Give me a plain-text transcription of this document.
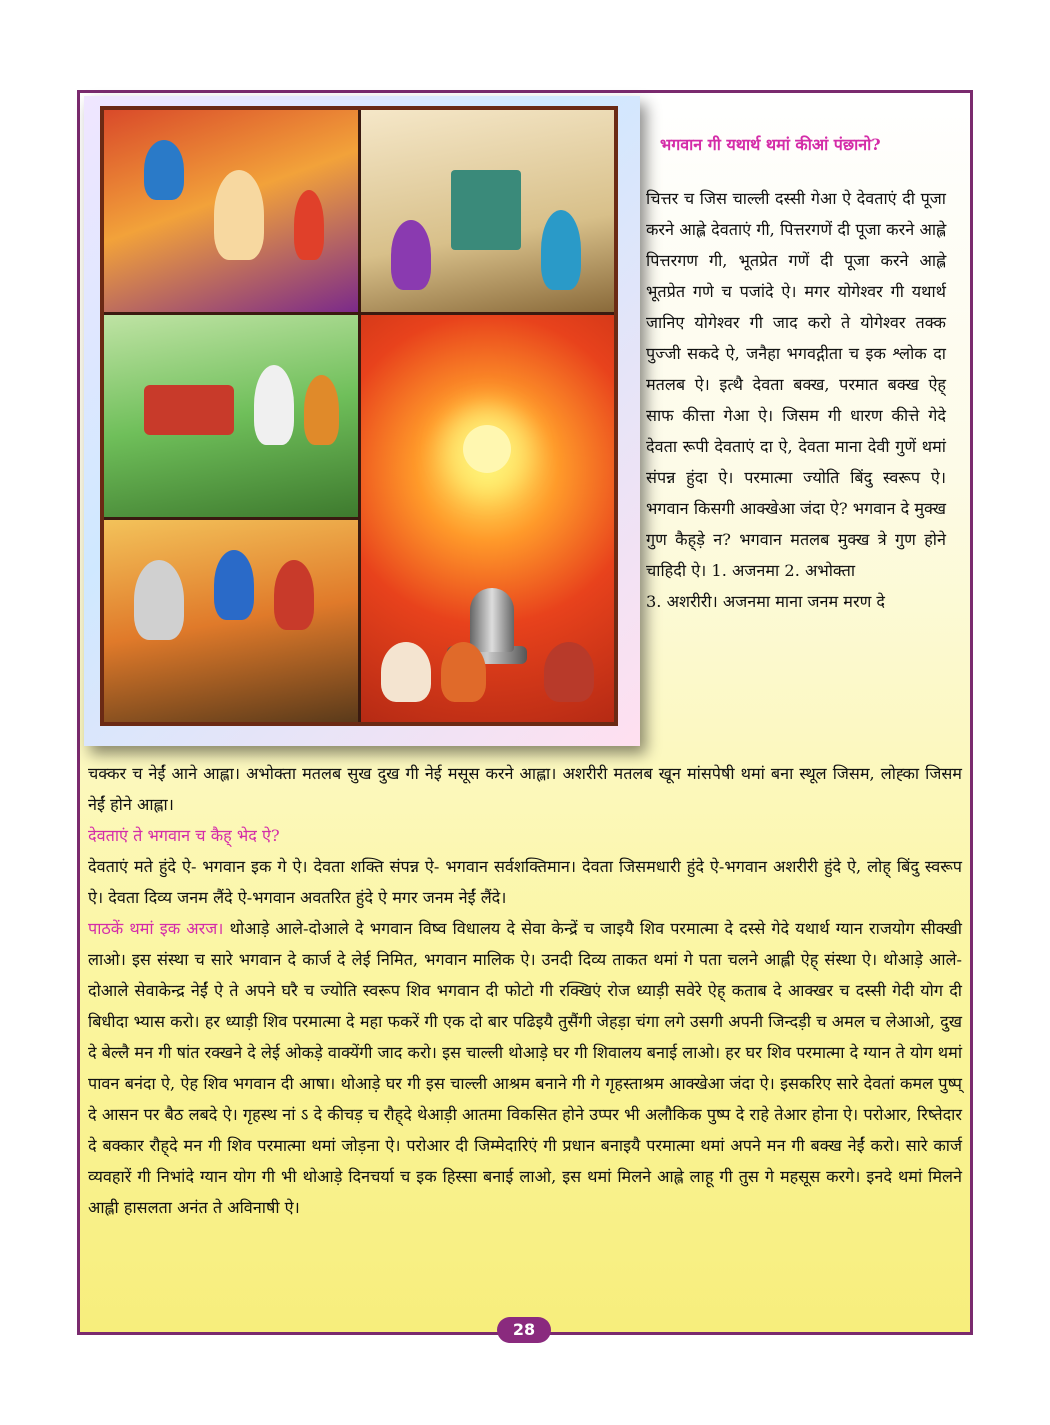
भगवान गी यथार्थ थमां कीआं पंछानो?

चित्तर च जिस चाल्ली दस्सी गेआ ऐ देवताएं दी पूजा करने आह्ले देवताएं गी, पित्तरगणें दी पूजा करने आह्ले पित्तरगण गी, भूतप्रेत गणें दी पूजा करने आह्ले भूतप्रेत गणे च पजांदे ऐ। मगर योगेश्वर गी यथार्थ जानिए योगेश्वर गी जाद करो ते योगेश्वर तक्क पुज्जी सकदे ऐ, जनैहा भगवद्गीता च इक श्लोक दा मतलब ऐ। इत्थै देवता बक्ख, परमात बक्ख ऐह् साफ कीत्ता गेआ ऐ। जिसम गी धारण कीत्ते गेदे देवता रूपी देवताएं दा ऐ, देवता माना देवी गुणें थमां संपन्न हुंदा ऐ। परमात्मा ज्योति बिंदु स्वरूप ऐ। भगवान किसगी आक्खेआ जंदा ऐ? भगवान दे मुक्ख गुण कैह्‌ड़े न? भगवान मतलब मुक्ख त्रे गुण होने चाहिदी ऐ। 1. अजनमा 2. अभोक्ता

3. अशरीरी। अजनमा माना जनम मरण दे

चक्कर च नेईं आने आह्ला। अभोक्ता मतलब सुख दुख गी नेई मसूस करने आह्ला। अशरीरी मतलब खून मांसपेषी थमां बना स्थूल जिसम, लोह्का जिसम नेईं होने आह्ला।

देवताएं ते भगवान च कैह् भेद ऐ?

देवताएं मते हुंदे ऐ- भगवान इक गे ऐ। देवता शक्ति संपन्न ऐ- भगवान सर्वशक्तिमान। देवता जिसमधारी हुंदे ऐ-भगवान अशरीरी हुंदे ऐ, लोह् बिंदु स्वरूप ऐ। देवता दिव्य जनम लैंदे ऐ-भगवान अवतरित हुंदे ऐ मगर जनम नेईं लैंदे।

पाठकें थमां इक अरज। थोआड़े आले-दोआले दे भगवान विष्व विधालय दे सेवा केन्द्रें च जाइयै शिव परमात्मा दे दस्से गेदे यथार्थ ग्यान राजयोग सीक्खी लाओ। इस संस्था च सारे भगवान दे कार्ज दे लेई निमित, भगवान मालिक ऐ। उनदी दिव्य ताकत थमां गे पता चलने आह्ली ऐह् संस्था ऐ। थोआड़े आले-दोआले सेवाकेन्द्र नेईं ऐ ते अपने घरै च ज्योति स्वरूप शिव भगवान दी फोटो गी रक्खिएं रोज ध्याड़ी सवेरे ऐह् कताब दे आक्खर च दस्सी गेदी योग दी बिधीदा भ्यास करो। हर ध्याड़ी शिव परमात्मा दे महा फकरें गी एक दो बार पढिइयै तुसैंगी जेहड़ा चंगा लगे उसगी अपनी जिन्दड़ी च अमल च लेआओ, दुख दे बेल्लै मन गी षांत रक्खने दे लेई ओकड़े वाक्येंगी जाद करो। इस चाल्ली थोआड़े घर गी शिवालय बनाई लाओ। हर घर शिव परमात्मा दे ग्यान ते योग थमां पावन बनंदा ऐ, ऐह शिव भगवान दी आषा। थोआड़े घर गी इस चाल्ली आश्रम बनाने गी गे गृहस्ताश्रम आक्खेआ जंदा ऐ। इसकरिए सारे देवतां कमल पुष्प् दे आसन पर बैठ लबदे ऐ। गृहस्थ नां ऽ दे कीचड़ च रौह्‌दे थेआड़ी आतमा विकसित होने उप्पर भी अलौकिक पुष्प दे राहे तेआर होना ऐ। परोआर, रिष्तेदार दे बक्कार रौह्‌दे मन गी शिव परमात्मा थमां जोड़ना ऐ। परोआर दी जिम्मेदारिएं गी प्रधान बनाइयै परमात्मा थमां अपने मन गी बक्ख नेईं करो। सारे कार्ज व्यवहारें गी निभांदे ग्यान योग गी भी थोआड़े दिनचर्या च इक हिस्सा बनाई लाओ, इस थमां मिलने आह्ले लाहू गी तुस गे महसूस करगे। इनदे थमां मिलने आह्ली हासलता अनंत ते अविनाषी ऐ।

28
